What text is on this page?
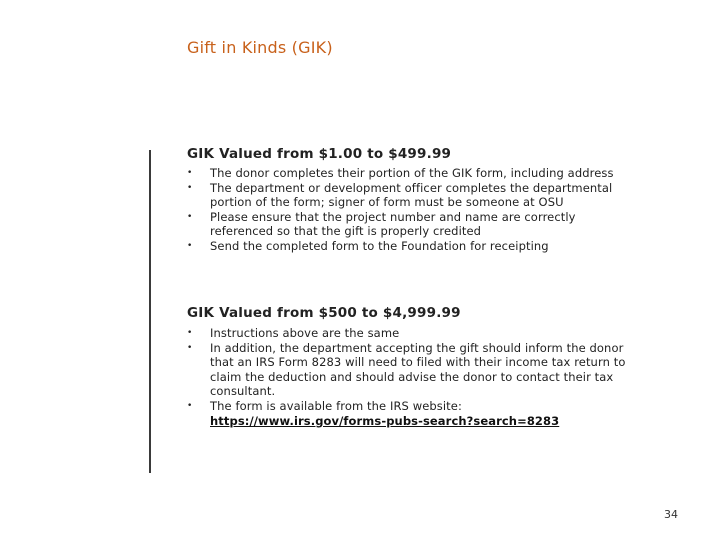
Gift in Kinds (GIK)
GIK Valued from $1.00 to $499.99
• The donor completes their portion of the GIK form, including address
• The department or development officer completes the departmental portion of the form; signer of form must be someone at OSU
• Please ensure that the project number and name are correctly referenced so that the gift is properly credited
• Send the completed form to the Foundation for receipting
GIK Valued from $500 to $4,999.99
• Instructions above are the same
• In addition, the department accepting the gift should inform the donor that an IRS Form 8283 will need to filed with their income tax return to claim the deduction and should advise the donor to contact their tax consultant.
• The form is available from the IRS website:
https://www.irs.gov/forms-pubs-search?search=8283
34
